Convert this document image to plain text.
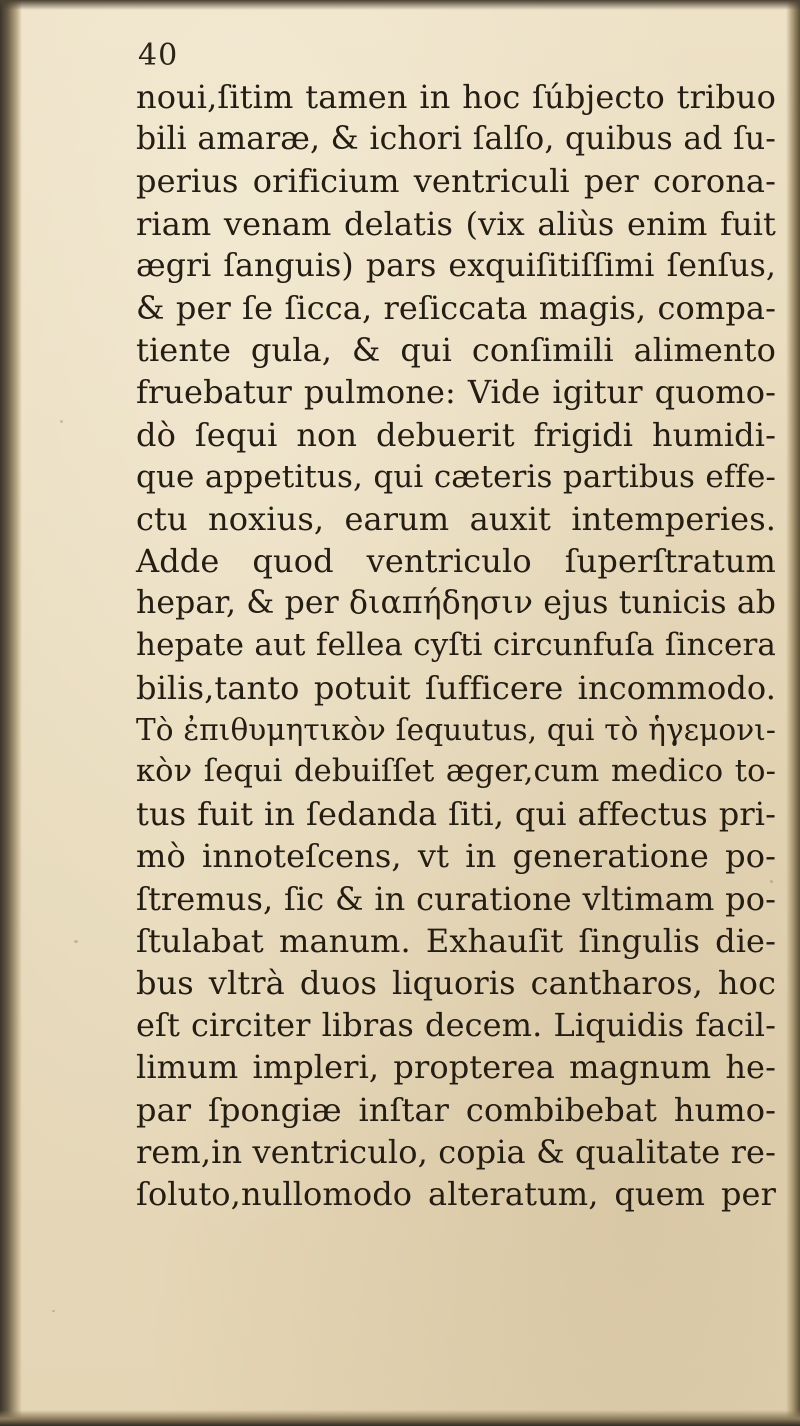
40
noui,ſitim tamen in hoc ſúbjecto tribuo
bili amaræ, & ichori ſalſo, quibus ad ſu-
perius orificium ventriculi per corona-
riam venam delatis (vix aliùs enim fuit
ægri ſanguis) pars exquiſitiſſimi ſenſus,
& per ſe ſicca, reſiccata magis, compa-
tiente gula, & qui conſimili alimento
fruebatur pulmone: Vide igitur quomo-
dò ſequi non debuerit frigidi humidi-
que appetitus, qui cæteris partibus effe-
ctu noxius, earum auxit intemperies.
Adde quod ventriculo ſuperſtratum
hepar, & per διαπήδησιν ejus tunicis ab
hepate aut fellea cyſti circunfuſa ſincera
bilis,tanto potuit ſufficere incommodo.
Τὸ ἐπιθυμητικὸν ſequutus, qui τὸ ἡγεμονι-
κὸν ſequi debuiſſet æger,cum medico to-
tus fuit in ſedanda ſiti, qui affectus pri-
mò innoteſcens, vt in generatione po-
ſtremus, ſic & in curatione vltimam po-
ſtulabat manum. Exhauſit ſingulis die-
bus vltrà duos liquoris cantharos, hoc
eſt circiter libras decem. Liquidis facil-
limum impleri, propterea magnum he-
par ſpongiæ inſtar combibebat humo-
rem,in ventriculo, copia & qualitate re-
ſoluto,nullomodo alteratum, quem per
